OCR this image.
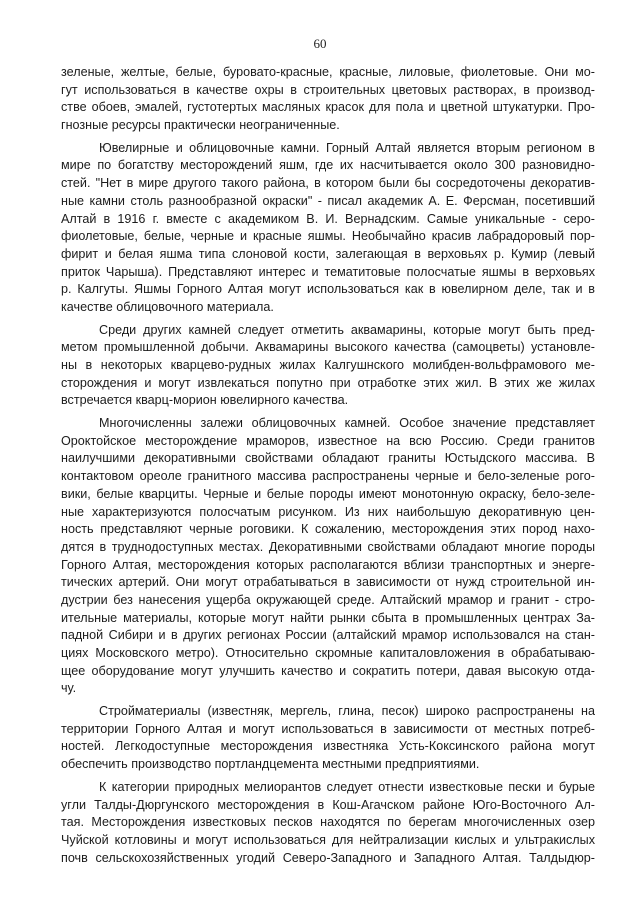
60
зеленые, желтые, белые, буровато-красные, красные, лиловые, фиолетовые. Они мо-
гут использоваться в качестве охры в строительных цветовых растворах, в производ-
стве обоев, эмалей, густотертых масляных красок для пола и цветной штукатурки. Про-
гнозные ресурсы практически неограниченные.
Ювелирные и облицовочные камни. Горный Алтай является вторым регионом в
мире по богатству месторождений яшм, где их насчитывается около 300 разновидно-
стей. "Нет в мире другого такого района, в котором были бы сосредоточены декоратив-
ные камни столь разнообразной окраски" - писал академик А. Е. Ферсман, посетивший
Алтай в 1916 г. вместе с академиком В. И. Вернадским. Самые уникальные - серо-
фиолетовые, белые, черные и красные яшмы. Необычайно красив лабрадоровый пор-
фирит и белая яшма типа слоновой кости, залегающая в верховьях р. Кумир (левый
приток Чарыша). Представляют интерес и тематитовые полосчатые яшмы в верховьях
р. Калгуты. Яшмы Горного Алтая могут использоваться как в ювелирном деле, так и в
качестве облицовочного материала.
Среди других камней следует отметить аквамарины, которые могут быть пред-
метом промышленной добычи. Аквамарины высокого качества (самоцветы) установле-
ны в некоторых кварцево-рудных жилах Калгушнского молибден-вольфрамового ме-
сторождения и могут извлекаться попутно при отработке этих жил. В этих же жилах
встречается кварц-морион ювелирного качества.
Многочисленны залежи облицовочных камней. Особое значение представляет
Ороктойское месторождение мраморов, известное на всю Россию. Среди гранитов
наилучшими декоративными свойствами обладают граниты Юстыдского массива. В
контактовом ореоле гранитного массива распространены черные и бело-зеленые рого-
вики, белые кварциты. Черные и белые породы имеют монотонную окраску, бело-зеле-
ные характеризуются полосчатым рисунком. Из них наибольшую декоративную цен-
ность представляют черные роговики. К сожалению, месторождения этих пород нахо-
дятся в труднодоступных местах. Декоративными свойствами обладают многие породы
Горного Алтая, месторождения которых располагаются вблизи транспортных и энерге-
тических артерий. Они могут отрабатываться в зависимости от нужд строительной ин-
дустрии без нанесения ущерба окружающей среде. Алтайский мрамор и гранит - стро-
ительные материалы, которые могут найти рынки сбыта в промышленных центрах За-
падной Сибири и в других регионах России (алтайский мрамор использовался на стан-
циях Московского метро). Относительно скромные капиталовложения в обрабатываю-
щее оборудование могут улучшить качество и сократить потери, давая высокую отда-
чу.
Стройматериалы (известняк, мергель, глина, песок) широко распространены на
территории Горного Алтая и могут использоваться в зависимости от местных потреб-
ностей. Легкодоступные месторождения известняка Усть-Коксинского района могут
обеспечить производство портландцемента местными предприятиями.
К категории природных мелиорантов следует отнести известковые пески и бурые
угли Талды-Дюргунского месторождения в Кош-Агачском районе Юго-Восточного Ал-
тая. Месторождения известковых песков находятся по берегам многочисленных озер
Чуйской котловины и могут использоваться для нейтрализации кислых и ультракислых
почв сельскохозяйственных угодий Северо-Западного и Западного Алтая. Талдыдюр-
